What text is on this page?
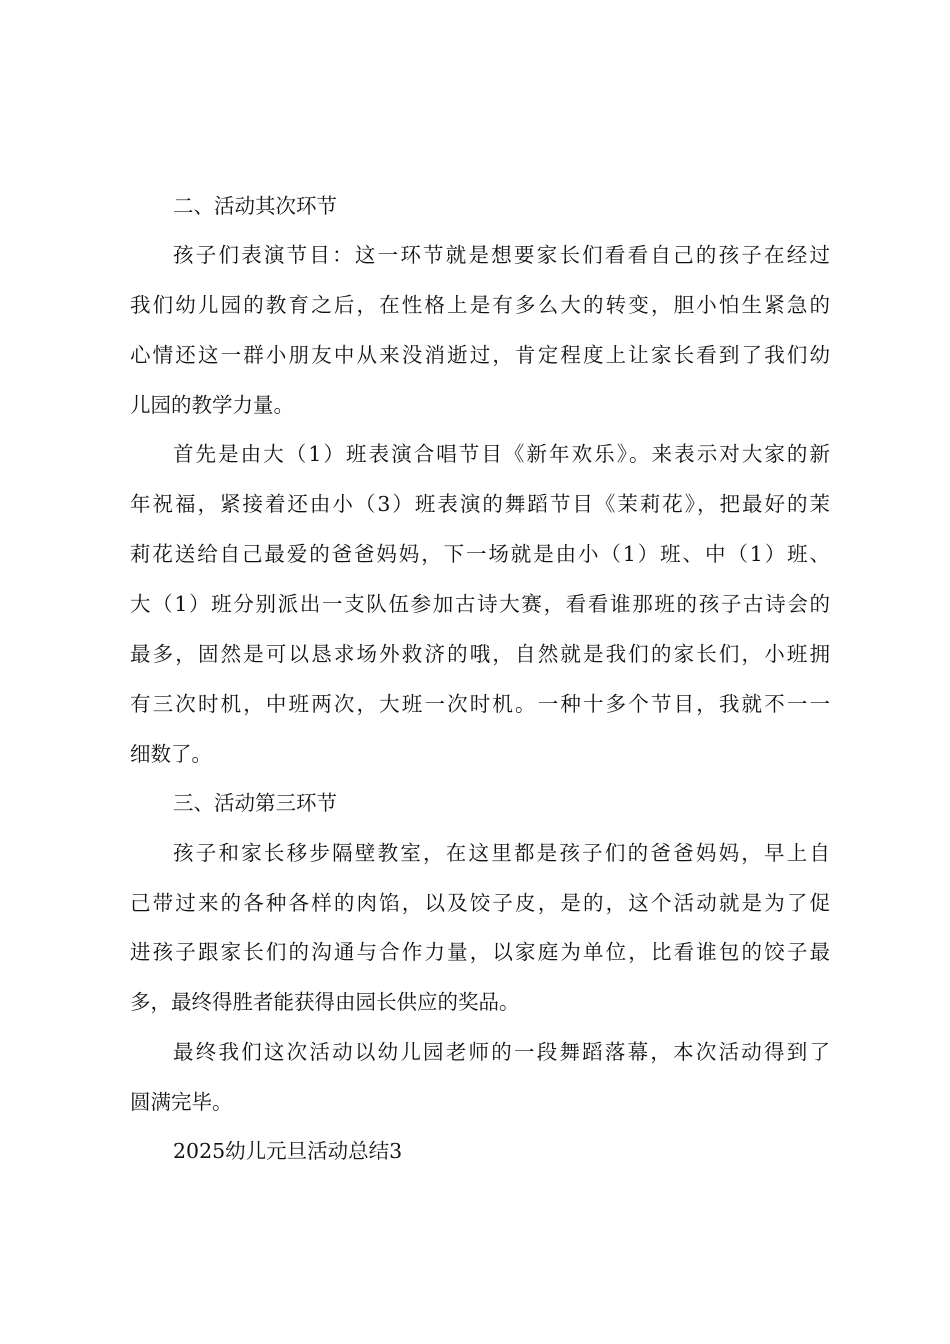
二、活动其次环节
孩子们表演节目：这一环节就是想要家长们看看自己的孩子在经过
我们幼儿园的教育之后，在性格上是有多么大的转变，胆小怕生紧急的
心情还这一群小朋友中从来没消逝过，肯定程度上让家长看到了我们幼
儿园的教学力量。
首先是由大（1）班表演合唱节目《新年欢乐》。来表示对大家的新
年祝福，紧接着还由小（3）班表演的舞蹈节目《茉莉花》，把最好的茉
莉花送给自己最爱的爸爸妈妈，下一场就是由小（1）班、中（1）班、
大（1）班分别派出一支队伍参加古诗大赛，看看谁那班的孩子古诗会的
最多，固然是可以恳求场外救济的哦，自然就是我们的家长们，小班拥
有三次时机，中班两次，大班一次时机。一种十多个节目，我就不一一
细数了。
三、活动第三环节
孩子和家长移步隔壁教室，在这里都是孩子们的爸爸妈妈，早上自
己带过来的各种各样的肉馅，以及饺子皮，是的，这个活动就是为了促
进孩子跟家长们的沟通与合作力量，以家庭为单位，比看谁包的饺子最
多，最终得胜者能获得由园长供应的奖品。
最终我们这次活动以幼儿园老师的一段舞蹈落幕，本次活动得到了
圆满完毕。
2025幼儿元旦活动总结3
